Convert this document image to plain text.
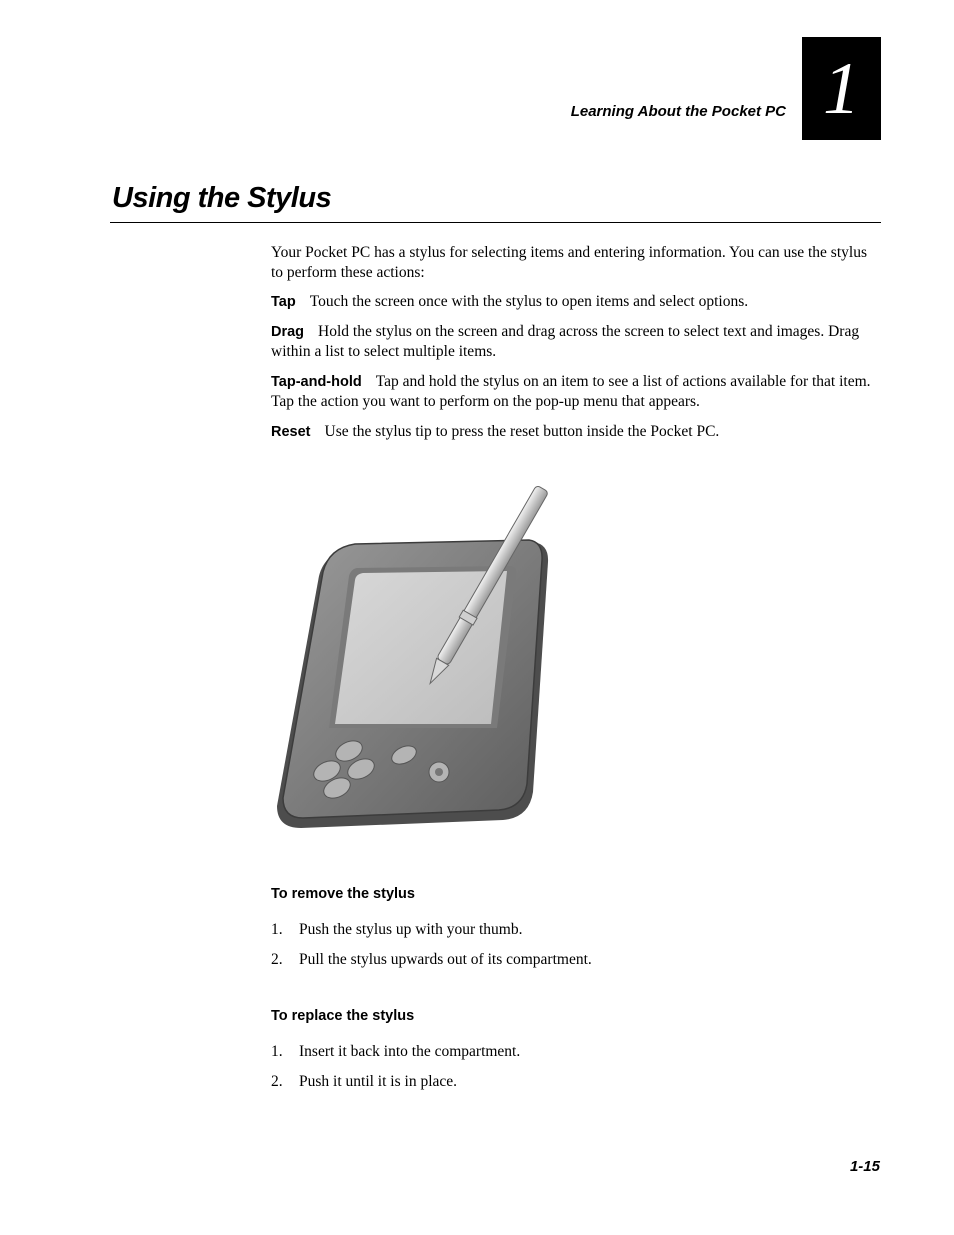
Learning About the Pocket PC 1
Using the Stylus

Your Pocket PC has a stylus for selecting items and entering information. You can use the stylus to perform these actions:

Tap Touch the screen once with the stylus to open items and select options.

Drag Hold the stylus on the screen and drag across the screen to select text and images. Drag within a list to select multiple items.

Tap-and-hold Tap and hold the stylus on an item to see a list of actions available for that item. Tap the action you want to perform on the pop-up menu that appears.

Reset Use the stylus tip to press the reset button inside the Pocket PC.

To remove the stylus
1. Push the stylus up with your thumb.
2. Pull the stylus upwards out of its compartment.
To replace the stylus
1. Insert it back into the compartment.
2. Push it until it is in place.
1-15
